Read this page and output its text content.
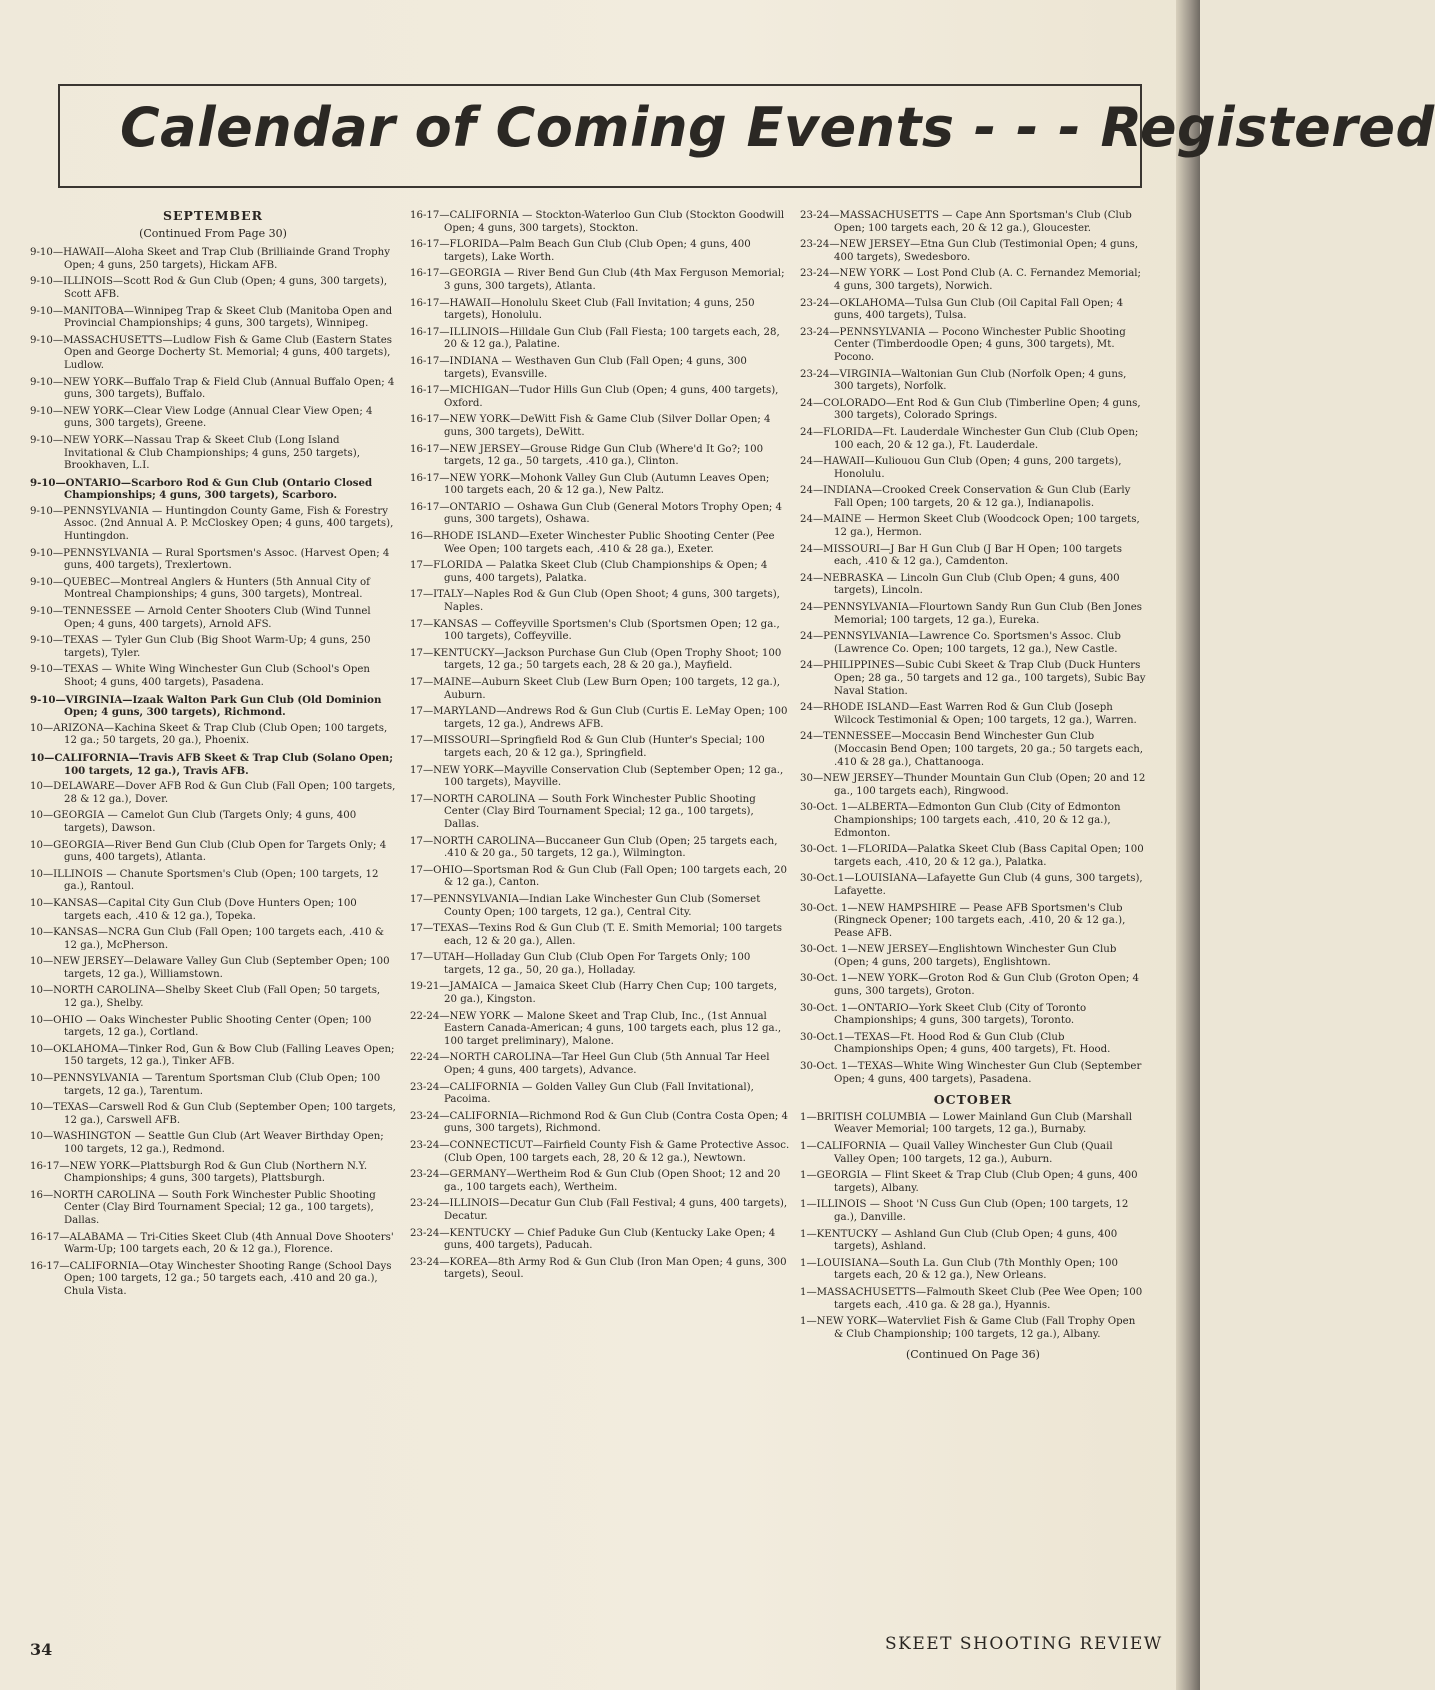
Calendar of Coming Events - - - Registered
SEPTEMBER
(Continued From Page 30)

9-10—HAWAII—Aloha Skeet and Trap Club (Brilliainde Grand Trophy Open; 4 guns, 250 targets), Hickam AFB.

9-10—ILLINOIS—Scott Rod & Gun Club (Open; 4 guns, 300 targets), Scott AFB.

9-10—MANITOBA—Winnipeg Trap & Skeet Club (Manitoba Open and Provincial Championships; 4 guns, 300 targets), Winnipeg.

9-10—MASSACHUSETTS—Ludlow Fish & Game Club (Eastern States Open and George Docherty St. Memorial; 4 guns, 400 targets), Ludlow.

9-10—NEW YORK—Buffalo Trap & Field Club (Annual Buffalo Open; 4 guns, 300 targets), Buffalo.

9-10—NEW YORK—Clear View Lodge (Annual Clear View Open; 4 guns, 300 targets), Greene.

9-10—NEW YORK—Nassau Trap & Skeet Club (Long Island Invitational & Club Championships; 4 guns, 250 targets), Brookhaven, L.I.

9-10—ONTARIO—Scarboro Rod & Gun Club (Ontario Closed Championships; 4 guns, 300 targets), Scarboro.

9-10—PENNSYLVANIA — Huntingdon County Game, Fish & Forestry Assoc. (2nd Annual A. P. McCloskey Open; 4 guns, 400 targets), Huntingdon.

9-10—PENNSYLVANIA — Rural Sportsmen's Assoc. (Harvest Open; 4 guns, 400 targets), Trexlertown.

9-10—QUEBEC—Montreal Anglers & Hunters (5th Annual City of Montreal Championships; 4 guns, 300 targets), Montreal.

9-10—TENNESSEE — Arnold Center Shooters Club (Wind Tunnel Open; 4 guns, 400 targets), Arnold AFS.

9-10—TEXAS — Tyler Gun Club (Big Shoot Warm-Up; 4 guns, 250 targets), Tyler.

9-10—TEXAS — White Wing Winchester Gun Club (School's Open Shoot; 4 guns, 400 targets), Pasadena.

9-10—VIRGINIA—Izaak Walton Park Gun Club (Old Dominion Open; 4 guns, 300 targets), Richmond.

10—ARIZONA—Kachina Skeet & Trap Club (Club Open; 100 targets, 12 ga.; 50 targets, 20 ga.), Phoenix.

10—CALIFORNIA—Travis AFB Skeet & Trap Club (Solano Open; 100 targets, 12 ga.), Travis AFB.

10—DELAWARE—Dover AFB Rod & Gun Club (Fall Open; 100 targets, 28 & 12 ga.), Dover.

10—GEORGIA — Camelot Gun Club (Targets Only; 4 guns, 400 targets), Dawson.

10—GEORGIA—River Bend Gun Club (Club Open for Targets Only; 4 guns, 400 targets), Atlanta.

10—ILLINOIS — Chanute Sportsmen's Club (Open; 100 targets, 12 ga.), Rantoul.

10—KANSAS—Capital City Gun Club (Dove Hunters Open; 100 targets each, .410 & 12 ga.), Topeka.

10—KANSAS—NCRA Gun Club (Fall Open; 100 targets each, .410 & 12 ga.), McPherson.

10—NEW JERSEY—Delaware Valley Gun Club (September Open; 100 targets, 12 ga.), Williamstown.

10—NORTH CAROLINA—Shelby Skeet Club (Fall Open; 50 targets, 12 ga.), Shelby.

10—OHIO — Oaks Winchester Public Shooting Center (Open; 100 targets, 12 ga.), Cortland.

10—OKLAHOMA—Tinker Rod, Gun & Bow Club (Falling Leaves Open; 150 targets, 12 ga.), Tinker AFB.

10—PENNSYLVANIA — Tarentum Sportsman Club (Club Open; 100 targets, 12 ga.), Tarentum.

10—TEXAS—Carswell Rod & Gun Club (September Open; 100 targets, 12 ga.), Carswell AFB.

10—WASHINGTON — Seattle Gun Club (Art Weaver Birthday Open; 100 targets, 12 ga.), Redmond.

16-17—NEW YORK—Plattsburgh Rod & Gun Club (Northern N.Y. Championships; 4 guns, 300 targets), Plattsburgh.

16—NORTH CAROLINA — South Fork Winchester Public Shooting Center (Clay Bird Tournament Special; 12 ga., 100 targets), Dallas.

16-17—ALABAMA — Tri-Cities Skeet Club (4th Annual Dove Shooters' Warm-Up; 100 targets each, 20 & 12 ga.), Florence.

16-17—CALIFORNIA—Otay Winchester Shooting Range (School Days Open; 100 targets, 12 ga.; 50 targets each, .410 and 20 ga.), Chula Vista.

16-17—CALIFORNIA — Stockton-Waterloo Gun Club (Stockton Goodwill Open; 4 guns, 300 targets), Stockton.

16-17—FLORIDA—Palm Beach Gun Club (Club Open; 4 guns, 400 targets), Lake Worth.

16-17—GEORGIA — River Bend Gun Club (4th Max Ferguson Memorial; 3 guns, 300 targets), Atlanta.

16-17—HAWAII—Honolulu Skeet Club (Fall Invitation; 4 guns, 250 targets), Honolulu.

16-17—ILLINOIS—Hilldale Gun Club (Fall Fiesta; 100 targets each, 28, 20 & 12 ga.), Palatine.

16-17—INDIANA — Westhaven Gun Club (Fall Open; 4 guns, 300 targets), Evansville.

16-17—MICHIGAN—Tudor Hills Gun Club (Open; 4 guns, 400 targets), Oxford.

16-17—NEW YORK—DeWitt Fish & Game Club (Silver Dollar Open; 4 guns, 300 targets), DeWitt.

16-17—NEW JERSEY—Grouse Ridge Gun Club (Where'd It Go?; 100 targets, 12 ga., 50 targets, .410 ga.), Clinton.

16-17—NEW YORK—Mohonk Valley Gun Club (Autumn Leaves Open; 100 targets each, 20 & 12 ga.), New Paltz.

16-17—ONTARIO — Oshawa Gun Club (General Motors Trophy Open; 4 guns, 300 targets), Oshawa.

16—RHODE ISLAND—Exeter Winchester Public Shooting Center (Pee Wee Open; 100 targets each, .410 & 28 ga.), Exeter.

17—FLORIDA — Palatka Skeet Club (Club Championships & Open; 4 guns, 400 targets), Palatka.

17—ITALY—Naples Rod & Gun Club (Open Shoot; 4 guns, 300 targets), Naples.

17—KANSAS — Coffeyville Sportsmen's Club (Sportsmen Open; 12 ga., 100 targets), Coffeyville.

17—KENTUCKY—Jackson Purchase Gun Club (Open Trophy Shoot; 100 targets, 12 ga.; 50 targets each, 28 & 20 ga.), Mayfield.

17—MAINE—Auburn Skeet Club (Lew Burn Open; 100 targets, 12 ga.), Auburn.

17—MARYLAND—Andrews Rod & Gun Club (Curtis E. LeMay Open; 100 targets, 12 ga.), Andrews AFB.

17—MISSOURI—Springfield Rod & Gun Club (Hunter's Special; 100 targets each, 20 & 12 ga.), Springfield.

17—NEW YORK—Mayville Conservation Club (September Open; 12 ga., 100 targets), Mayville.

17—NORTH CAROLINA — South Fork Winchester Public Shooting Center (Clay Bird Tournament Special; 12 ga., 100 targets), Dallas.

17—NORTH CAROLINA—Buccaneer Gun Club (Open; 25 targets each, .410 & 20 ga., 50 targets, 12 ga.), Wilmington.

17—OHIO—Sportsman Rod & Gun Club (Fall Open; 100 targets each, 20 & 12 ga.), Canton.

17—PENNSYLVANIA—Indian Lake Winchester Gun Club (Somerset County Open; 100 targets, 12 ga.), Central City.

17—TEXAS—Texins Rod & Gun Club (T. E. Smith Memorial; 100 targets each, 12 & 20 ga.), Allen.

17—UTAH—Holladay Gun Club (Club Open For Targets Only; 100 targets, 12 ga., 50, 20 ga.), Holladay.

19-21—JAMAICA — Jamaica Skeet Club (Harry Chen Cup; 100 targets, 20 ga.), Kingston.

22-24—NEW YORK — Malone Skeet and Trap Club, Inc., (1st Annual Eastern Canada-American; 4 guns, 100 targets each, plus 12 ga., 100 target preliminary), Malone.

22-24—NORTH CAROLINA—Tar Heel Gun Club (5th Annual Tar Heel Open; 4 guns, 400 targets), Advance.

23-24—CALIFORNIA — Golden Valley Gun Club (Fall Invitational), Pacoima.

23-24—CALIFORNIA—Richmond Rod & Gun Club (Contra Costa Open; 4 guns, 300 targets), Richmond.

23-24—CONNECTICUT—Fairfield County Fish & Game Protective Assoc. (Club Open, 100 targets each, 28, 20 & 12 ga.), Newtown.

23-24—GERMANY—Wertheim Rod & Gun Club (Open Shoot; 12 and 20 ga., 100 targets each), Wertheim.

23-24—ILLINOIS—Decatur Gun Club (Fall Festival; 4 guns, 400 targets), Decatur.

23-24—KENTUCKY — Chief Paduke Gun Club (Kentucky Lake Open; 4 guns, 400 targets), Paducah.

23-24—KOREA—8th Army Rod & Gun Club (Iron Man Open; 4 guns, 300 targets), Seoul.

23-24—MASSACHUSETTS — Cape Ann Sportsman's Club (Club Open; 100 targets each, 20 & 12 ga.), Gloucester.

23-24—NEW JERSEY—Etna Gun Club (Testimonial Open; 4 guns, 400 targets), Swedesboro.

23-24—NEW YORK — Lost Pond Club (A. C. Fernandez Memorial; 4 guns, 300 targets), Norwich.

23-24—OKLAHOMA—Tulsa Gun Club (Oil Capital Fall Open; 4 guns, 400 targets), Tulsa.

23-24—PENNSYLVANIA — Pocono Winchester Public Shooting Center (Timberdoodle Open; 4 guns, 300 targets), Mt. Pocono.

23-24—VIRGINIA—Waltonian Gun Club (Norfolk Open; 4 guns, 300 targets), Norfolk.

24—COLORADO—Ent Rod & Gun Club (Timberline Open; 4 guns, 300 targets), Colorado Springs.

24—FLORIDA—Ft. Lauderdale Winchester Gun Club (Club Open; 100 each, 20 & 12 ga.), Ft. Lauderdale.

24—HAWAII—Kuliouou Gun Club (Open; 4 guns, 200 targets), Honolulu.

24—INDIANA—Crooked Creek Conservation & Gun Club (Early Fall Open; 100 targets, 20 & 12 ga.), Indianapolis.

24—MAINE — Hermon Skeet Club (Woodcock Open; 100 targets, 12 ga.), Hermon.

24—MISSOURI—J Bar H Gun Club (J Bar H Open; 100 targets each, .410 & 12 ga.), Camdenton.

24—NEBRASKA — Lincoln Gun Club (Club Open; 4 guns, 400 targets), Lincoln.

24—PENNSYLVANIA—Flourtown Sandy Run Gun Club (Ben Jones Memorial; 100 targets, 12 ga.), Eureka.

24—PENNSYLVANIA—Lawrence Co. Sportsmen's Assoc. Club (Lawrence Co. Open; 100 targets, 12 ga.), New Castle.

24—PHILIPPINES—Subic Cubi Skeet & Trap Club (Duck Hunters Open; 28 ga., 50 targets and 12 ga., 100 targets), Subic Bay Naval Station.

24—RHODE ISLAND—East Warren Rod & Gun Club (Joseph Wilcock Testimonial & Open; 100 targets, 12 ga.), Warren.

24—TENNESSEE—Moccasin Bend Winchester Gun Club (Moccasin Bend Open; 100 targets, 20 ga.; 50 targets each, .410 & 28 ga.), Chattanooga.

30—NEW JERSEY—Thunder Mountain Gun Club (Open; 20 and 12 ga., 100 targets each), Ringwood.

30-Oct. 1—ALBERTA—Edmonton Gun Club (City of Edmonton Championships; 100 targets each, .410, 20 & 12 ga.), Edmonton.

30-Oct. 1—FLORIDA—Palatka Skeet Club (Bass Capital Open; 100 targets each, .410, 20 & 12 ga.), Palatka.

30-Oct.1—LOUISIANA—Lafayette Gun Club (4 guns, 300 targets), Lafayette.

30-Oct. 1—NEW HAMPSHIRE — Pease AFB Sportsmen's Club (Ringneck Opener; 100 targets each, .410, 20 & 12 ga.), Pease AFB.

30-Oct. 1—NEW JERSEY—Englishtown Winchester Gun Club (Open; 4 guns, 200 targets), Englishtown.

30-Oct. 1—NEW YORK—Groton Rod & Gun Club (Groton Open; 4 guns, 300 targets), Groton.

30-Oct. 1—ONTARIO—York Skeet Club (City of Toronto Championships; 4 guns, 300 targets), Toronto.

30-Oct.1—TEXAS—Ft. Hood Rod & Gun Club (Club Championships Open; 4 guns, 400 targets), Ft. Hood.

30-Oct. 1—TEXAS—White Wing Winchester Gun Club (September Open; 4 guns, 400 targets), Pasadena.

OCTOBER

1—BRITISH COLUMBIA — Lower Mainland Gun Club (Marshall Weaver Memorial; 100 targets, 12 ga.), Burnaby.

1—CALIFORNIA — Quail Valley Winchester Gun Club (Quail Valley Open; 100 targets, 12 ga.), Auburn.

1—GEORGIA — Flint Skeet & Trap Club (Club Open; 4 guns, 400 targets), Albany.

1—ILLINOIS — Shoot 'N Cuss Gun Club (Open; 100 targets, 12 ga.), Danville.

1—KENTUCKY — Ashland Gun Club (Club Open; 4 guns, 400 targets), Ashland.

1—LOUISIANA—South La. Gun Club (7th Monthly Open; 100 targets each, 20 & 12 ga.), New Orleans.

1—MASSACHUSETTS—Falmouth Skeet Club (Pee Wee Open; 100 targets each, .410 ga. & 28 ga.), Hyannis.

1—NEW YORK—Watervliet Fish & Game Club (Fall Trophy Open & Club Championship; 100 targets, 12 ga.), Albany.

(Continued On Page 36)
34	SKEET SHOOTING REVIEW
